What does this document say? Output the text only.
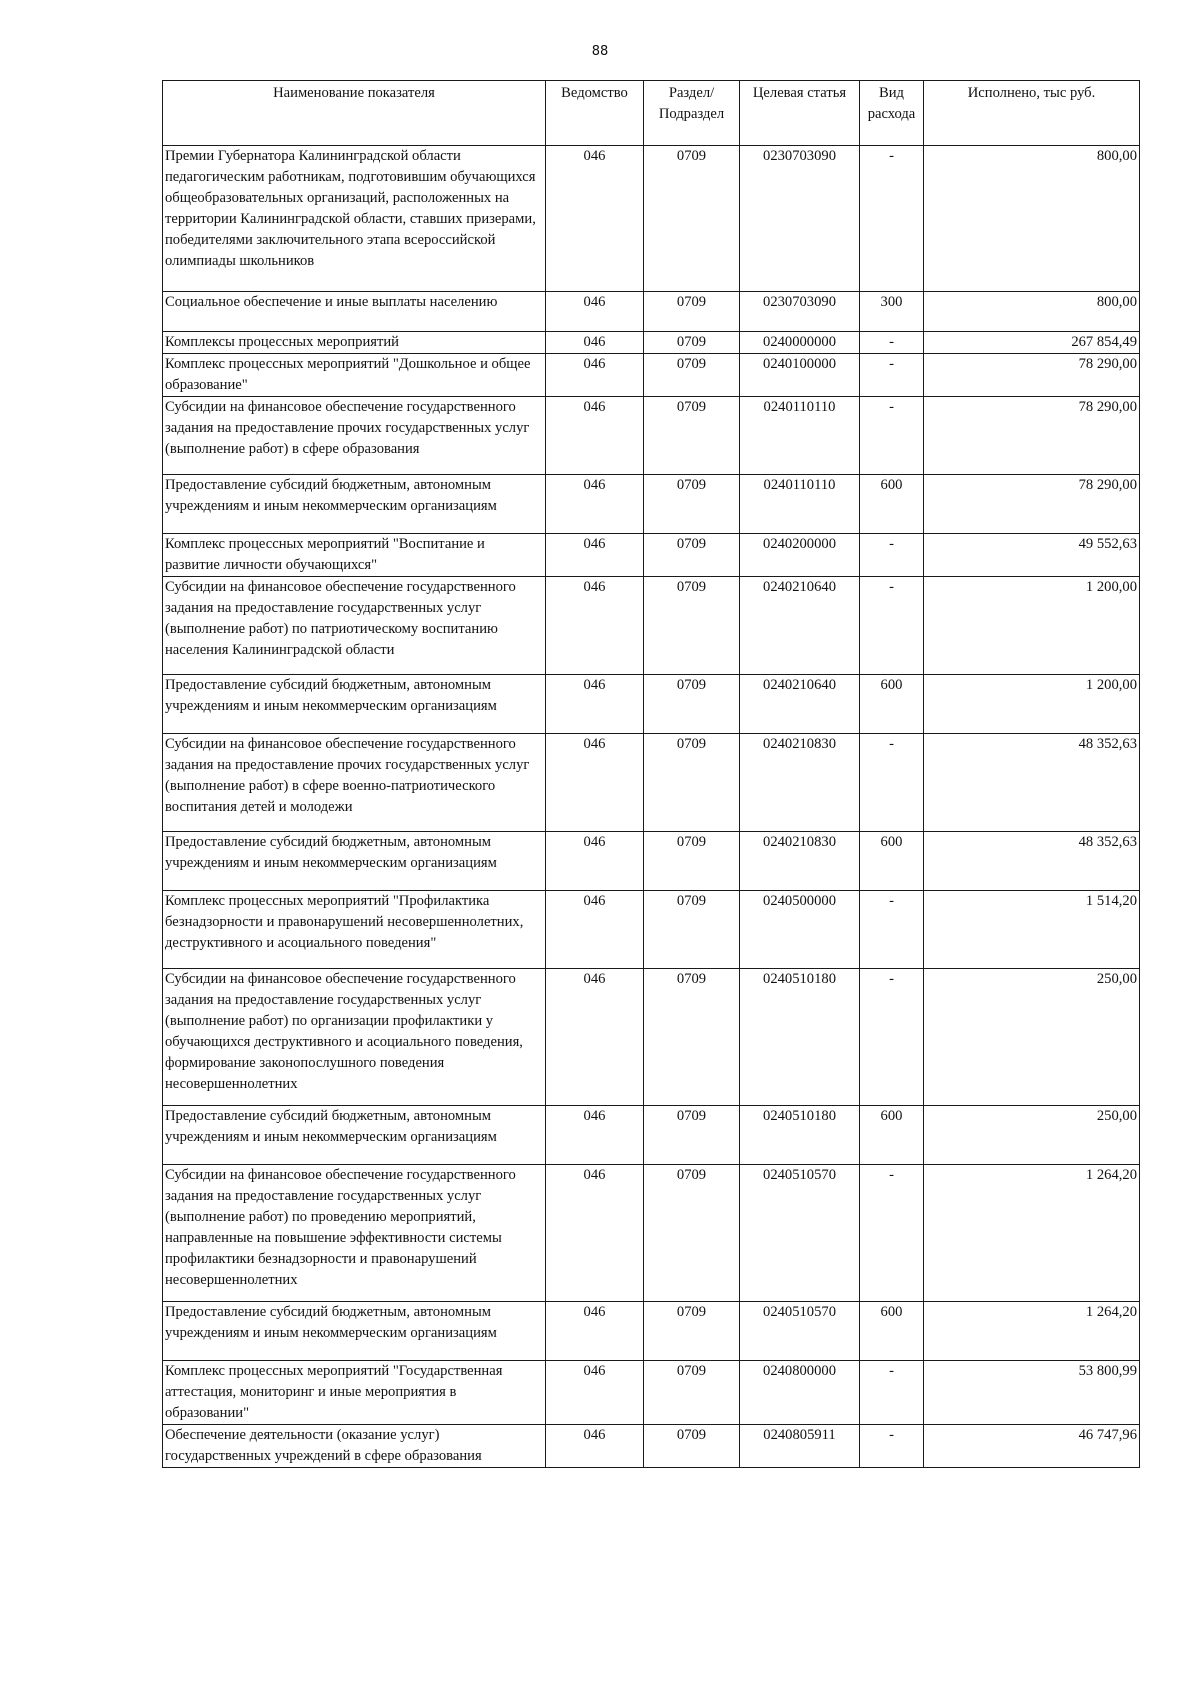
88
Наименование показателя	Ведомство	Раздел/ Подраздел	Целевая статья	Вид расхода	Исполнено, тыс руб.
Премии Губернатора Калининградской области педагогическим работникам, подготовившим обучающихся общеобразовательных организаций, расположенных на территории Калининградской области, ставших призерами, победителями заключительного этапа всероссийской олимпиады школьников	046	0709	0230703090	-	800,00
Социальное обеспечение и иные выплаты населению	046	0709	0230703090	300	800,00
Комплексы процессных мероприятий	046	0709	0240000000	-	267 854,49
Комплекс процессных мероприятий "Дошкольное и общее образование"	046	0709	0240100000	-	78 290,00
Субсидии на финансовое обеспечение государственного задания на предоставление прочих государственных услуг (выполнение работ) в сфере образования	046	0709	0240110110	-	78 290,00
Предоставление субсидий бюджетным, автономным учреждениям и иным некоммерческим организациям	046	0709	0240110110	600	78 290,00
Комплекс процессных мероприятий "Воспитание и развитие личности обучающихся"	046	0709	0240200000	-	49 552,63
Субсидии на финансовое обеспечение государственного задания на предоставление государственных услуг (выполнение работ) по патриотическому воспитанию населения Калининградской области	046	0709	0240210640	-	1 200,00
Предоставление субсидий бюджетным, автономным учреждениям и иным некоммерческим организациям	046	0709	0240210640	600	1 200,00
Субсидии на финансовое обеспечение государственного задания на предоставление прочих государственных услуг (выполнение работ) в сфере военно-патриотического воспитания детей и молодежи	046	0709	0240210830	-	48 352,63
Предоставление субсидий бюджетным, автономным учреждениям и иным некоммерческим организациям	046	0709	0240210830	600	48 352,63
Комплекс процессных мероприятий "Профилактика безнадзорности и правонарушений несовершеннолетних, деструктивного и асоциального поведения"	046	0709	0240500000	-	1 514,20
Субсидии на финансовое обеспечение государственного задания на предоставление государственных услуг (выполнение работ) по организации профилактики у обучающихся деструктивного и асоциального поведения, формирование законопослушного поведения несовершеннолетних	046	0709	0240510180	-	250,00
Предоставление субсидий бюджетным, автономным учреждениям и иным некоммерческим организациям	046	0709	0240510180	600	250,00
Субсидии на финансовое обеспечение государственного задания на предоставление государственных услуг (выполнение работ) по проведению мероприятий, направленные на повышение эффективности системы профилактики безнадзорности и правонарушений несовершеннолетних	046	0709	0240510570	-	1 264,20
Предоставление субсидий бюджетным, автономным учреждениям и иным некоммерческим организациям	046	0709	0240510570	600	1 264,20
Комплекс процессных мероприятий "Государственная аттестация, мониторинг и иные мероприятия в образовании"	046	0709	0240800000	-	53 800,99
Обеспечение деятельности (оказание услуг) государственных учреждений в сфере образования	046	0709	0240805911	-	46 747,96
